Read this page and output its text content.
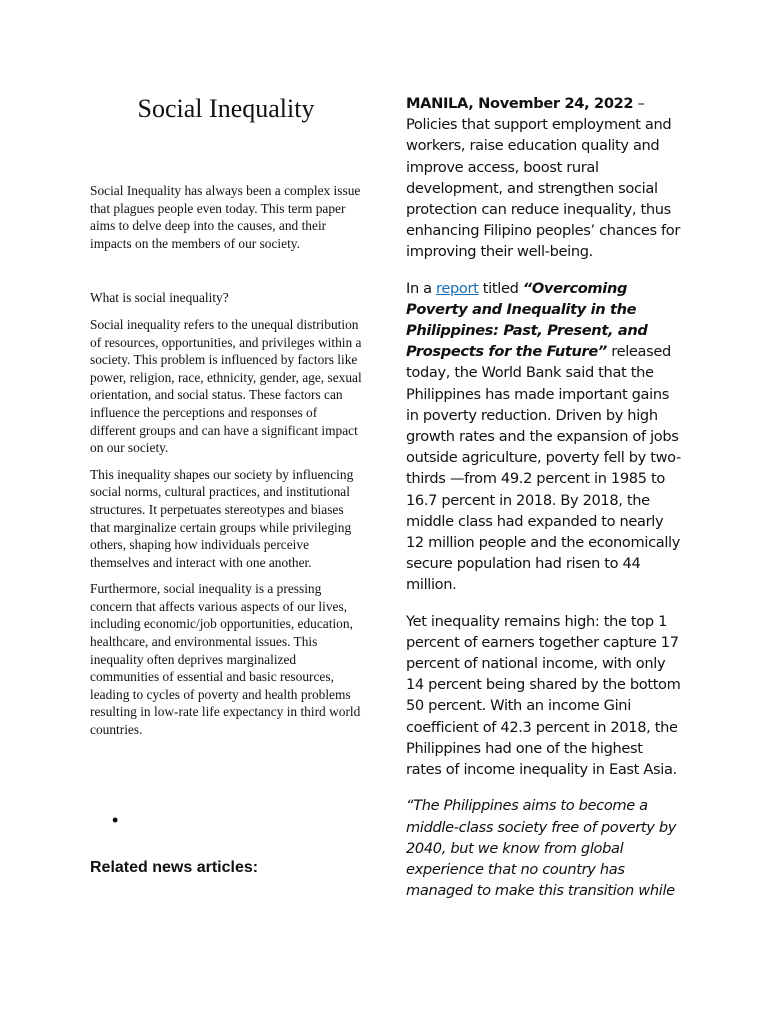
Social Inequality

Social Inequality has always been a complex issue that plagues people even today. This term paper aims to delve deep into the causes, and their impacts on the members of our society.

What is social inequality?

Social inequality refers to the unequal distribution of resources, opportunities, and privileges within a society. This problem is influenced by factors like power, religion, race, ethnicity, gender, age, sexual orientation, and social status. These factors can influence the perceptions and responses of different groups and can have a significant impact on our society.

This inequality shapes our society by influencing social norms, cultural practices, and institutional structures. It perpetuates stereotypes and biases that marginalize certain groups while privileging others, shaping how individuals perceive themselves and interact with one another.

Furthermore, social inequality is a pressing concern that affects various aspects of our lives, including economic/job opportunities, education, healthcare, and environmental issues. This inequality often deprives marginalized communities of essential and basic resources, leading to cycles of poverty and health problems resulting in low-rate life expectancy in third world countries.

•

Related news articles:

MANILA, November 24, 2022 –
Policies that support employment and workers, raise education quality and improve access, boost rural development, and strengthen social protection can reduce inequality, thus enhancing Filipino peoples’ chances for improving their well-being.

In a report titled “Overcoming Poverty and Inequality in the Philippines: Past, Present, and Prospects for the Future” released today, the World Bank said that the Philippines has made important gains in poverty reduction. Driven by high growth rates and the expansion of jobs outside agriculture, poverty fell by two-thirds —from 49.2 percent in 1985 to 16.7 percent in 2018. By 2018, the middle class had expanded to nearly 12 million people and the economically secure population had risen to 44 million.

Yet inequality remains high: the top 1 percent of earners together capture 17 percent of national income, with only 14 percent being shared by the bottom 50 percent. With an income Gini coefficient of 42.3 percent in 2018, the Philippines had one of the highest rates of income inequality in East Asia.

“The Philippines aims to become a middle-class society free of poverty by 2040, but we know from global experience that no country has managed to make this transition while
